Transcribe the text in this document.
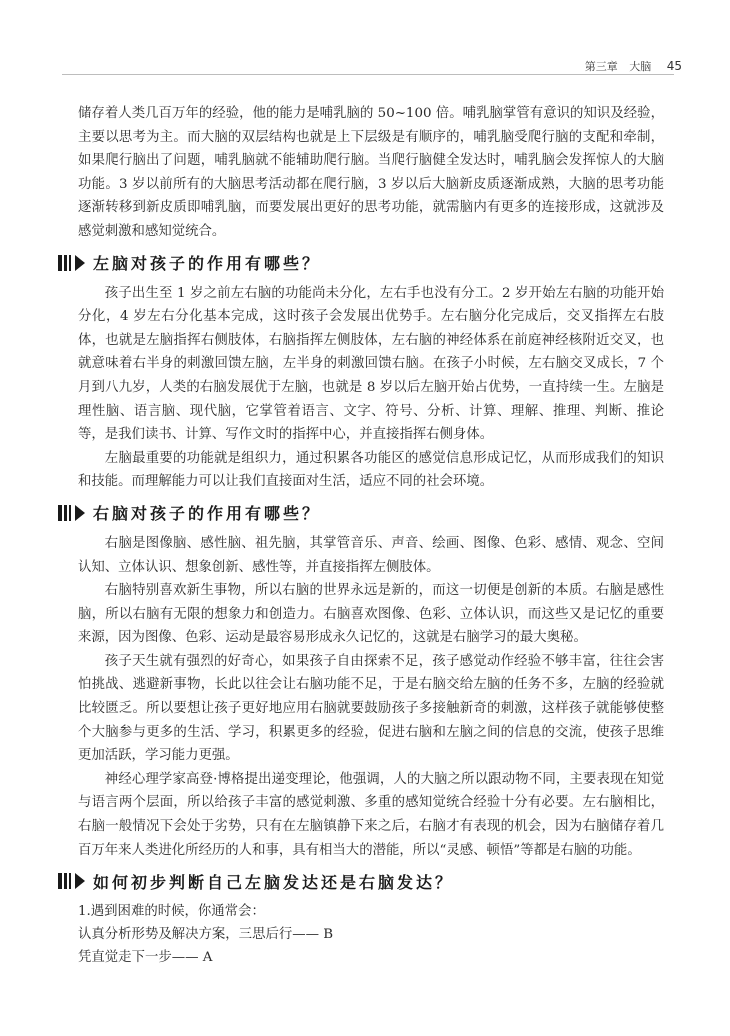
第三章 大脑 45

储存着人类几百万年的经验，他的能力是哺乳脑的 50~100 倍。哺乳脑掌管有意识的知识及经验，主要以思考为主。而大脑的双层结构也就是上下层级是有顺序的，哺乳脑受爬行脑的支配和牵制，如果爬行脑出了问题，哺乳脑就不能辅助爬行脑。当爬行脑健全发达时，哺乳脑会发挥惊人的大脑功能。3 岁以前所有的大脑思考活动都在爬行脑，3 岁以后大脑新皮质逐渐成熟，大脑的思考功能逐渐转移到新皮质即哺乳脑，而要发展出更好的思考功能，就需脑内有更多的连接形成，这就涉及感觉刺激和感知觉统合。

左脑对孩子的作用有哪些？

孩子出生至 1 岁之前左右脑的功能尚未分化，左右手也没有分工。2 岁开始左右脑的功能开始分化，4 岁左右分化基本完成，这时孩子会发展出优势手。左右脑分化完成后，交叉指挥左右肢体，也就是左脑指挥右侧肢体，右脑指挥左侧肢体，左右脑的神经体系在前庭神经核附近交叉，也就意味着右半身的刺激回馈左脑，左半身的刺激回馈右脑。在孩子小时候，左右脑交叉成长，7 个月到八九岁，人类的右脑发展优于左脑，也就是 8 岁以后左脑开始占优势，一直持续一生。左脑是理性脑、语言脑、现代脑，它掌管着语言、文字、符号、分析、计算、理解、推理、判断、推论等，是我们读书、计算、写作文时的指挥中心，并直接指挥右侧身体。

左脑最重要的功能就是组织力，通过积累各功能区的感觉信息形成记忆，从而形成我们的知识和技能。而理解能力可以让我们直接面对生活，适应不同的社会环境。

右脑对孩子的作用有哪些？

右脑是图像脑、感性脑、祖先脑，其掌管音乐、声音、绘画、图像、色彩、感情、观念、空间认知、立体认识、想象创新、感性等，并直接指挥左侧肢体。

右脑特别喜欢新生事物，所以右脑的世界永远是新的，而这一切便是创新的本质。右脑是感性脑，所以右脑有无限的想象力和创造力。右脑喜欢图像、色彩、立体认识，而这些又是记忆的重要来源，因为图像、色彩、运动是最容易形成永久记忆的，这就是右脑学习的最大奥秘。

孩子天生就有强烈的好奇心，如果孩子自由探索不足，孩子感觉动作经验不够丰富，往往会害怕挑战、逃避新事物，长此以往会让右脑功能不足，于是右脑交给左脑的任务不多，左脑的经验就比较匮乏。所以要想让孩子更好地应用右脑就要鼓励孩子多接触新奇的刺激，这样孩子就能够使整个大脑参与更多的生活、学习，积累更多的经验，促进右脑和左脑之间的信息的交流，使孩子思维更加活跃，学习能力更强。

神经心理学家高登·博格提出递变理论，他强调，人的大脑之所以跟动物不同，主要表现在知觉与语言两个层面，所以给孩子丰富的感觉刺激、多重的感知觉统合经验十分有必要。左右脑相比，右脑一般情况下会处于劣势，只有在左脑镇静下来之后，右脑才有表现的机会，因为右脑储存着几百万年来人类进化所经历的人和事，具有相当大的潜能，所以“灵感、顿悟”等都是右脑的功能。

如何初步判断自己左脑发达还是右脑发达？

1.遇到困难的时候，你通常会：

认真分析形势及解决方案，三思后行—— B

凭直觉走下一步—— A
